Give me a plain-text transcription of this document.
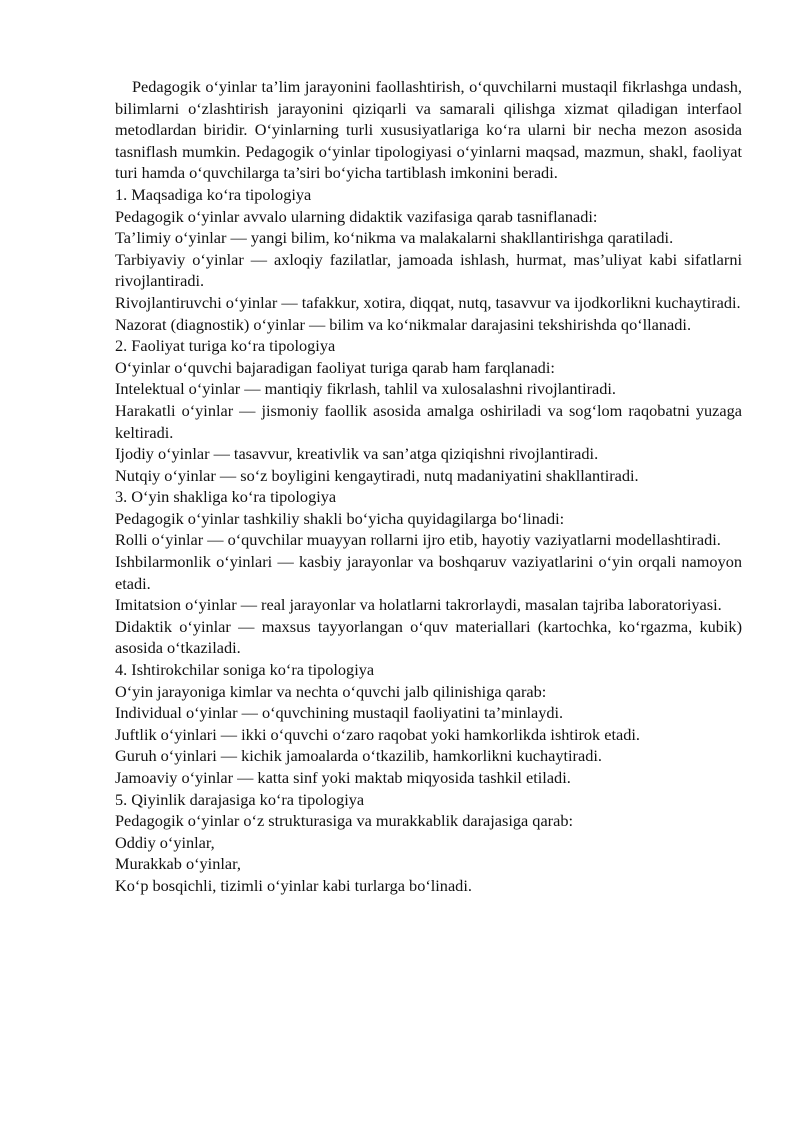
Pedagogik o‘yinlar ta’lim jarayonini faollashtirish, o‘quvchilarni mustaqil fikrlashga undash, bilimlarni o‘zlashtirish jarayonini qiziqarli va samarali qilishga xizmat qiladigan interfaol metodlardan biridir. O‘yinlarning turli xususiyatlariga ko‘ra ularni bir necha mezon asosida tasniflash mumkin. Pedagogik o‘yinlar tipologiyasi o‘yinlarni maqsad, mazmun, shakl, faoliyat turi hamda o‘quvchilarga ta’siri bo‘yicha tartiblash imkonini beradi.

1. Maqsadiga ko‘ra tipologiya

Pedagogik o‘yinlar avvalo ularning didaktik vazifasiga qarab tasniflanadi:

Ta’limiy o‘yinlar — yangi bilim, ko‘nikma va malakalarni shakllantirishga qaratiladi.

Tarbiyaviy o‘yinlar — axloqiy fazilatlar, jamoada ishlash, hurmat, mas’uliyat kabi sifatlarni rivojlantiradi.

Rivojlantiruvchi o‘yinlar — tafakkur, xotira, diqqat, nutq, tasavvur va ijodkorlikni kuchaytiradi.

Nazorat (diagnostik) o‘yinlar — bilim va ko‘nikmalar darajasini tekshirishda qo‘llanadi.

2. Faoliyat turiga ko‘ra tipologiya

O‘yinlar o‘quvchi bajaradigan faoliyat turiga qarab ham farqlanadi:

Intelektual o‘yinlar — mantiqiy fikrlash, tahlil va xulosalashni rivojlantiradi.

Harakatli o‘yinlar — jismoniy faollik asosida amalga oshiriladi va sog‘lom raqobatni yuzaga keltiradi.

Ijodiy o‘yinlar — tasavvur, kreativlik va san’atga qiziqishni rivojlantiradi.

Nutqiy o‘yinlar — so‘z boyligini kengaytiradi, nutq madaniyatini shakllantiradi.

3. O‘yin shakliga ko‘ra tipologiya

Pedagogik o‘yinlar tashkiliy shakli bo‘yicha quyidagilarga bo‘linadi:

Rolli o‘yinlar — o‘quvchilar muayyan rollarni ijro etib, hayotiy vaziyatlarni modellashtiradi.

Ishbilarmonlik o‘yinlari — kasbiy jarayonlar va boshqaruv vaziyatlarini o‘yin orqali namoyon etadi.

Imitatsion o‘yinlar — real jarayonlar va holatlarni takrorlaydi, masalan tajriba laboratoriyasi.

Didaktik o‘yinlar — maxsus tayyorlangan o‘quv materiallari (kartochka, ko‘rgazma, kubik) asosida o‘tkaziladi.

4. Ishtirokchilar soniga ko‘ra tipologiya

O‘yin jarayoniga kimlar va nechta o‘quvchi jalb qilinishiga qarab:

Individual o‘yinlar — o‘quvchining mustaqil faoliyatini ta’minlaydi.

Juftlik o‘yinlari — ikki o‘quvchi o‘zaro raqobat yoki hamkorlikda ishtirok etadi.

Guruh o‘yinlari — kichik jamoalarda o‘tkazilib, hamkorlikni kuchaytiradi.

Jamoaviy o‘yinlar — katta sinf yoki maktab miqyosida tashkil etiladi.

5. Qiyinlik darajasiga ko‘ra tipologiya

Pedagogik o‘yinlar o‘z strukturasiga va murakkablik darajasiga qarab:

Oddiy o‘yinlar,

Murakkab o‘yinlar,

Ko‘p bosqichli, tizimli o‘yinlar kabi turlarga bo‘linadi.
